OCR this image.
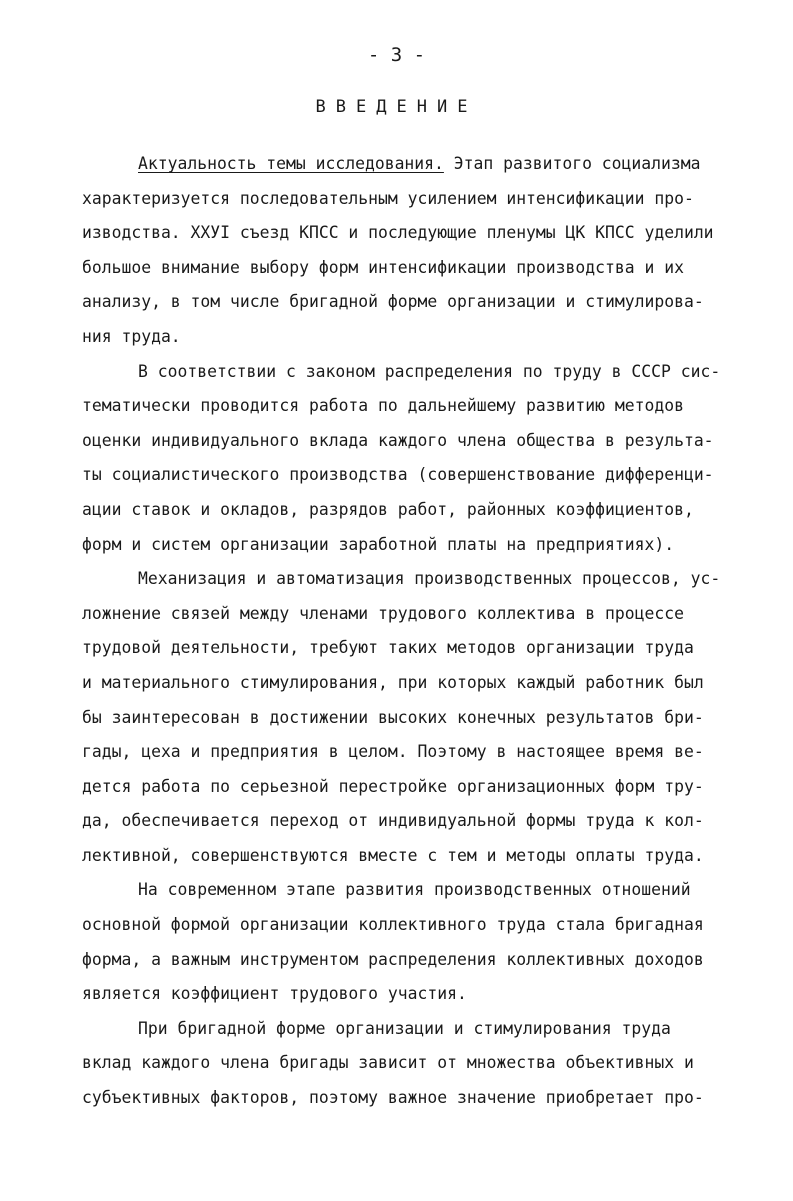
- 3 -
ВВЕДЕНИЕ
Актуальность темы исследования. Этап развитого социализма
характеризуется последовательным усилением интенсификации про-
изводства. XXУI съезд КПСС и последующие пленумы ЦК КПСС уделили
большое внимание выбору форм интенсификации производства и их
анализу, в том числе бригадной форме организации и стимулирова-
ния труда.
В соответствии с законом распределения по труду в СССР сис-
тематически проводится работа по дальнейшему развитию методов
оценки индивидуального вклада каждого члена общества в результа-
ты социалистического производства (совершенствование дифференци-
ации ставок и окладов, разрядов работ, районных коэффициентов,
форм и систем организации заработной платы на предприятиях).
Механизация и автоматизация производственных процессов, ус-
ложнение связей между членами трудового коллектива в процессе
трудовой деятельности, требуют таких методов организации труда
и материального стимулирования, при которых каждый работник был
бы заинтересован в достижении высоких конечных результатов бри-
гады, цеха и предприятия в целом. Поэтому в настоящее время ве-
дется работа по серьезной перестройке организационных форм тру-
да, обеспечивается переход от индивидуальной формы труда к кол-
лективной, совершенствуются вместе с тем и методы оплаты труда.
На современном этапе развития производственных отношений
основной формой организации коллективного труда стала бригадная
форма, а важным инструментом распределения коллективных доходов
является коэффициент трудового участия.
При бригадной форме организации и стимулирования труда
вклад каждого члена бригады зависит от множества объективных и
субъективных факторов, поэтому важное значение приобретает про-
